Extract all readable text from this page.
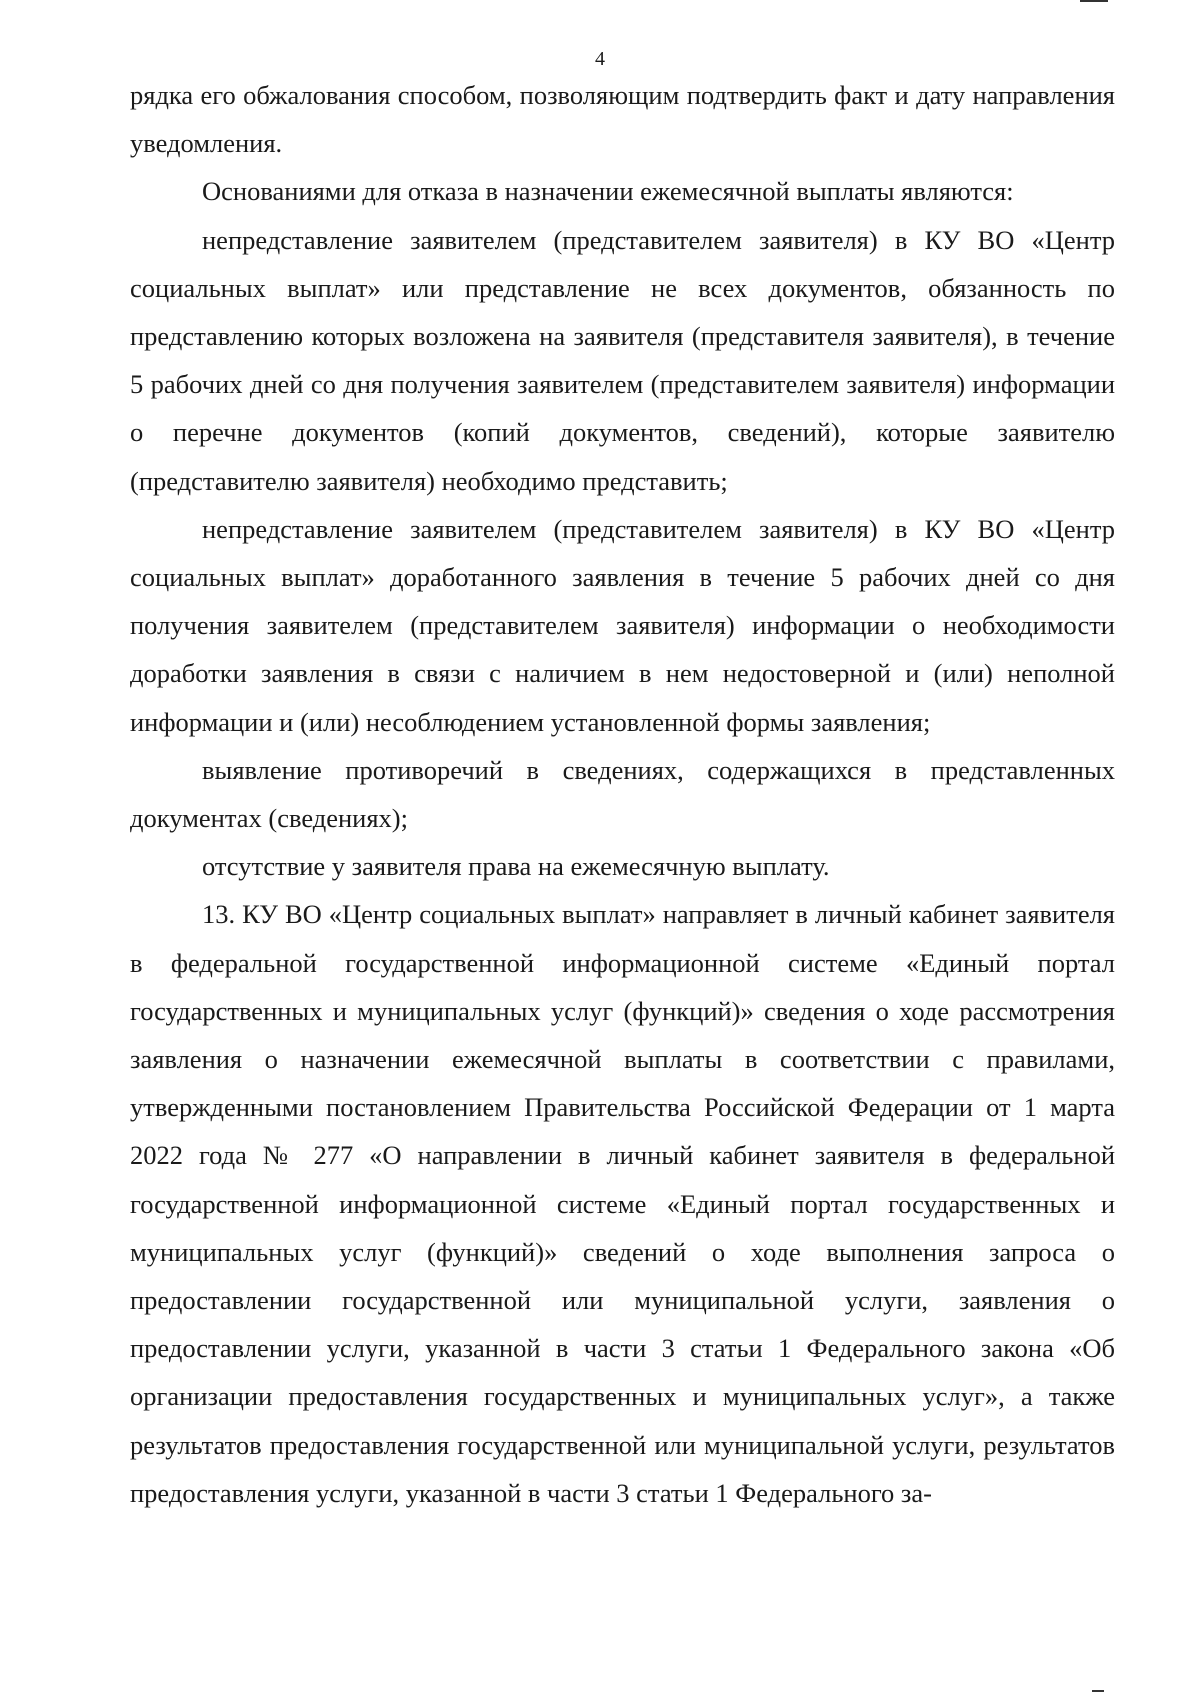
4

рядка его обжалования способом, позволяющим подтвердить факт и дату направления уведомления.

Основаниями для отказа в назначении ежемесячной выплаты являются:

непредставление заявителем (представителем заявителя) в КУ ВО «Центр социальных выплат» или представление не всех документов, обязанность по представлению которых возложена на заявителя (представителя заявителя), в течение 5 рабочих дней со дня получения заявителем (представителем заявителя) информации о перечне документов (копий документов, сведений), которые заявителю (представителю заявителя) необходимо представить;

непредставление заявителем (представителем заявителя) в КУ ВО «Центр социальных выплат» доработанного заявления в течение 5 рабочих дней со дня получения заявителем (представителем заявителя) информации о необходимости доработки заявления в связи с наличием в нем недостоверной и (или) неполной информации и (или) несоблюдением установленной формы заявления;

выявление противоречий в сведениях, содержащихся в представленных документах (сведениях);

отсутствие у заявителя права на ежемесячную выплату.

13. КУ ВО «Центр социальных выплат» направляет в личный кабинет заявителя в федеральной государственной информационной системе «Единый портал государственных и муниципальных услуг (функций)» сведения о ходе рассмотрения заявления о назначении ежемесячной выплаты в соответствии с правилами, утвержденными постановлением Правительства Российской Федерации от 1 марта 2022 года № 277 «О направлении в личный кабинет заявителя в федеральной государственной информационной системе «Единый портал государственных и муниципальных услуг (функций)» сведений о ходе выполнения запроса о предоставлении государственной или муниципальной услуги, заявления о предоставлении услуги, указанной в части 3 статьи 1 Федерального закона «Об организации предоставления государственных и муниципальных услуг», а также результатов предоставления государственной или муниципальной услуги, результатов предоставления услуги, указанной в части 3 статьи 1 Федерального за-
